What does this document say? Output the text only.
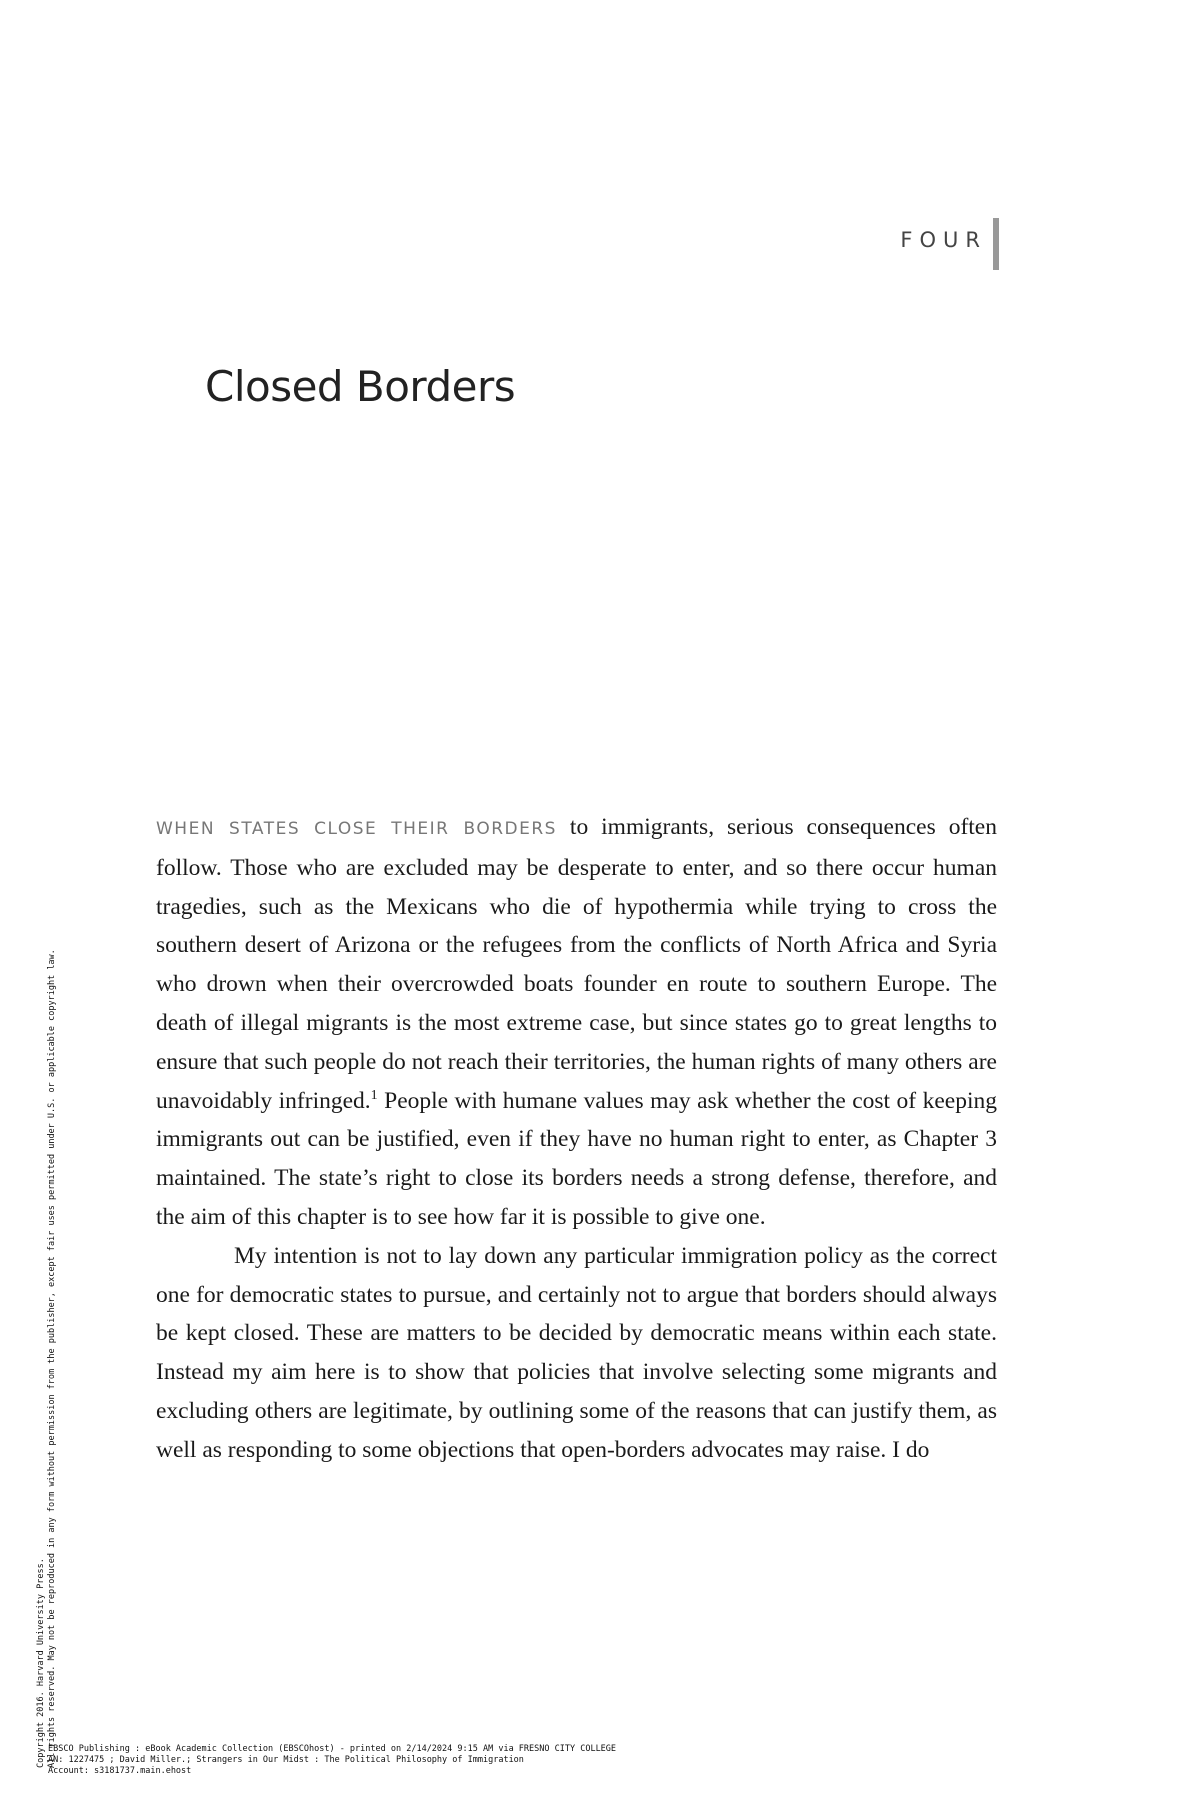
FOUR
Closed Borders

WHEN STATES CLOSE THEIR BORDERS to immigrants, serious consequences often follow. Those who are excluded may be desperate to enter, and so there occur human tragedies, such as the Mexicans who die of hypothermia while trying to cross the southern desert of Arizona or the refugees from the conflicts of North Africa and Syria who drown when their overcrowded boats founder en route to southern Europe. The death of illegal migrants is the most extreme case, but since states go to great lengths to ensure that such people do not reach their territories, the human rights of many others are unavoidably infringed.$^1$ People with humane values may ask whether the cost of keeping immigrants out can be justified, even if they have no human right to enter, as Chapter 3 maintained. The state’s right to close its borders needs a strong defense, therefore, and the aim of this chapter is to see how far it is possible to give one.

My intention is not to lay down any particular immigration policy as the correct one for democratic states to pursue, and certainly not to argue that borders should always be kept closed. These are matters to be decided by democratic means within each state. Instead my aim here is to show that policies that involve selecting some migrants and excluding others are legitimate, by outlining some of the reasons that can justify them, as well as responding to some objections that open-borders advocates may raise. I do

Copyright 2016. Harvard University Press. All rights reserved. May not be reproduced in any form without permission from the publisher, except fair uses permitted under U.S. or applicable copyright law.
EBSCO Publishing : eBook Academic Collection (EBSCOhost) - printed on 2/14/2024 9:15 AM via FRESNO CITY COLLEGE
AN: 1227475 ; David Miller.; Strangers in Our Midst : The Political Philosophy of Immigration
Account: s3181737.main.ehost
